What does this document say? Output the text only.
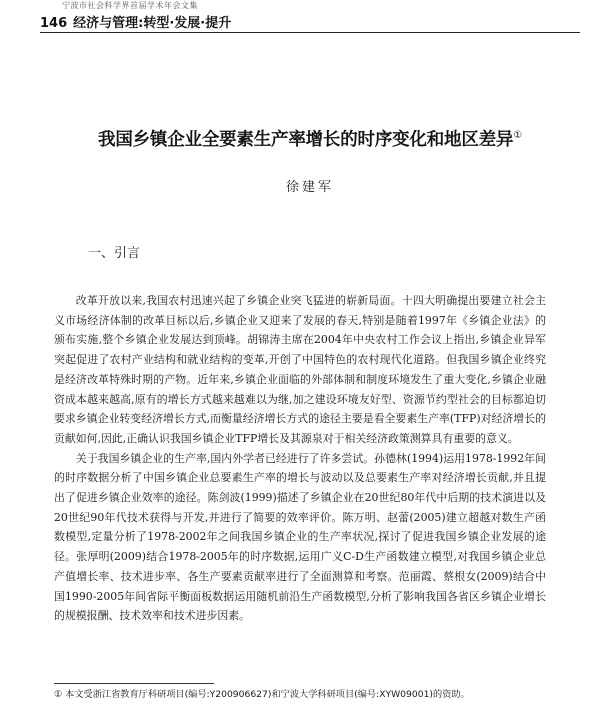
宁波市社会科学界首届学术年会文集
146 经济与管理:转型·发展·提升
我国乡镇企业全要素生产率增长的时序变化和地区差异①
徐建军
一、引言

改革开放以来,我国农村迅速兴起了乡镇企业突飞猛进的崭新局面。十四大明确提出要建立社会主义市场经济体制的改革目标以后,乡镇企业又迎来了发展的春天,特别是随着1997年《乡镇企业法》的颁布实施,整个乡镇企业发展达到顶峰。胡锦涛主席在2004年中央农村工作会议上指出,乡镇企业异军突起促进了农村产业结构和就业结构的变革,开创了中国特色的农村现代化道路。但我国乡镇企业终究是经济改革特殊时期的产物。近年来,乡镇企业面临的外部体制和制度环境发生了重大变化,乡镇企业融资成本越来越高,原有的增长方式越来越难以为继,加之建设环境友好型、资源节约型社会的目标都迫切要求乡镇企业转变经济增长方式,而衡量经济增长方式的途径主要是看全要素生产率(TFP)对经济增长的贡献如何,因此,正确认识我国乡镇企业TFP增长及其源泉对于相关经济政策测算具有重要的意义。

关于我国乡镇企业的生产率,国内外学者已经进行了许多尝试。孙德林(1994)运用1978-1992年间的时序数据分析了中国乡镇企业总要素生产率的增长与波动以及总要素生产率对经济增长贡献,并且提出了促进乡镇企业效率的途径。陈剑波(1999)描述了乡镇企业在20世纪80年代中后期的技术演进以及20世纪90年代技术获得与开发,并进行了简要的效率评价。陈万明、赵蕾(2005)建立超越对数生产函数模型,定量分析了1978-2002年之间我国乡镇企业的生产率状况,探讨了促进我国乡镇企业发展的途径。张厚明(2009)结合1978-2005年的时序数据,运用广义C-D生产函数建立模型,对我国乡镇企业总产值增长率、技术进步率、各生产要素贡献率进行了全面测算和考察。范丽霞、蔡根女(2009)结合中国1990-2005年间省际平衡面板数据运用随机前沿生产函数模型,分析了影响我国各省区乡镇企业增长的规模报酬、技术效率和技术进步因素。

① 本文受浙江省教育厅科研项目(编号:Y200906627)和宁波大学科研项目(编号:XYW09001)的资助。
